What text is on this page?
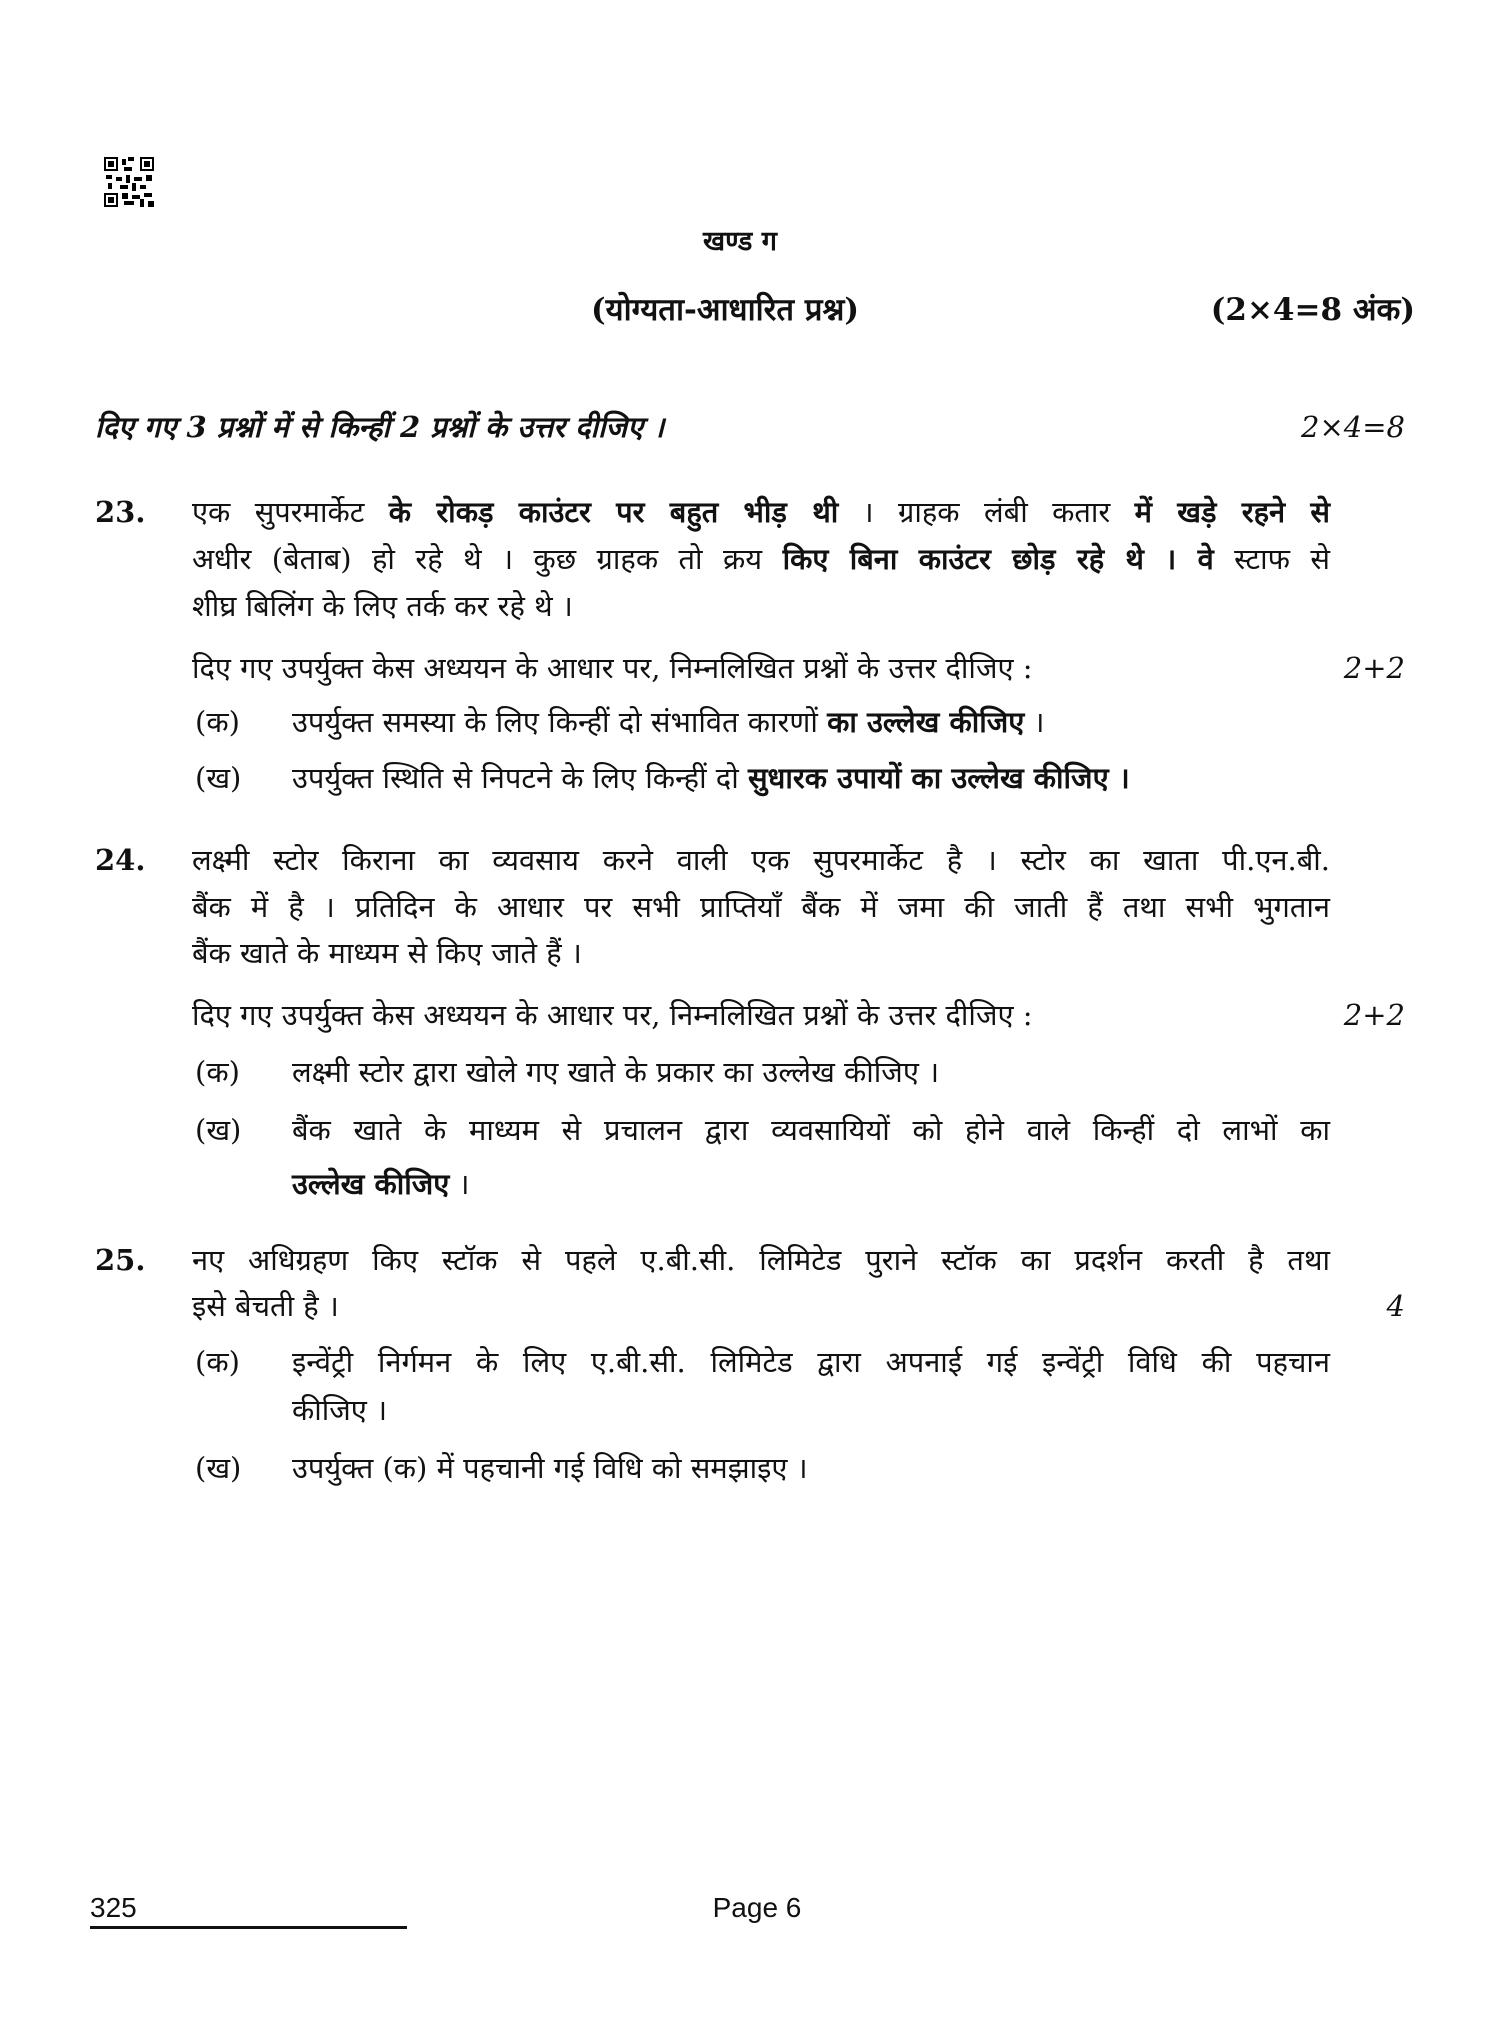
खण्ड ग
(योग्यता-आधारित प्रश्न)	(2×4=8 अंक)
दिए गए 3 प्रश्नों में से किन्हीं 2 प्रश्नों के उत्तर दीजिए ।	2×4=8
23. एक सुपरमार्केट के रोकड़ काउंटर पर बहुत भीड़ थी । ग्राहक लंबी कतार में खड़े रहने से
अधीर (बेताब) हो रहे थे । कुछ ग्राहक तो क्रय किए बिना काउंटर छोड़ रहे थे । वे स्टाफ से
शीघ्र बिलिंग के लिए तर्क कर रहे थे ।
दिए गए उपर्युक्त केस अध्ययन के आधार पर, निम्नलिखित प्रश्नों के उत्तर दीजिए :	2+2
(क) उपर्युक्त समस्या के लिए किन्हीं दो संभावित कारणों का उल्लेख कीजिए ।
(ख) उपर्युक्त स्थिति से निपटने के लिए किन्हीं दो सुधारक उपायों का उल्लेख कीजिए ।
24. लक्ष्मी स्टोर किराना का व्यवसाय करने वाली एक सुपरमार्केट है । स्टोर का खाता पी.एन.बी.
बैंक में है । प्रतिदिन के आधार पर सभी प्राप्तियाँ बैंक में जमा की जाती हैं तथा सभी भुगतान
बैंक खाते के माध्यम से किए जाते हैं ।
दिए गए उपर्युक्त केस अध्ययन के आधार पर, निम्नलिखित प्रश्नों के उत्तर दीजिए :	2+2
(क) लक्ष्मी स्टोर द्वारा खोले गए खाते के प्रकार का उल्लेख कीजिए ।
(ख) बैंक खाते के माध्यम से प्रचालन द्वारा व्यवसायियों को होने वाले किन्हीं दो लाभों का
उल्लेख कीजिए ।
25. नए अधिग्रहण किए स्टॉक से पहले ए.बी.सी. लिमिटेड पुराने स्टॉक का प्रदर्शन करती है तथा
इसे बेचती है ।	4
(क) इन्वेंट्री निर्गमन के लिए ए.बी.सी. लिमिटेड द्वारा अपनाई गई इन्वेंट्री विधि की पहचान
कीजिए ।
(ख) उपर्युक्त (क) में पहचानी गई विधि को समझाइए ।
325	Page 6
